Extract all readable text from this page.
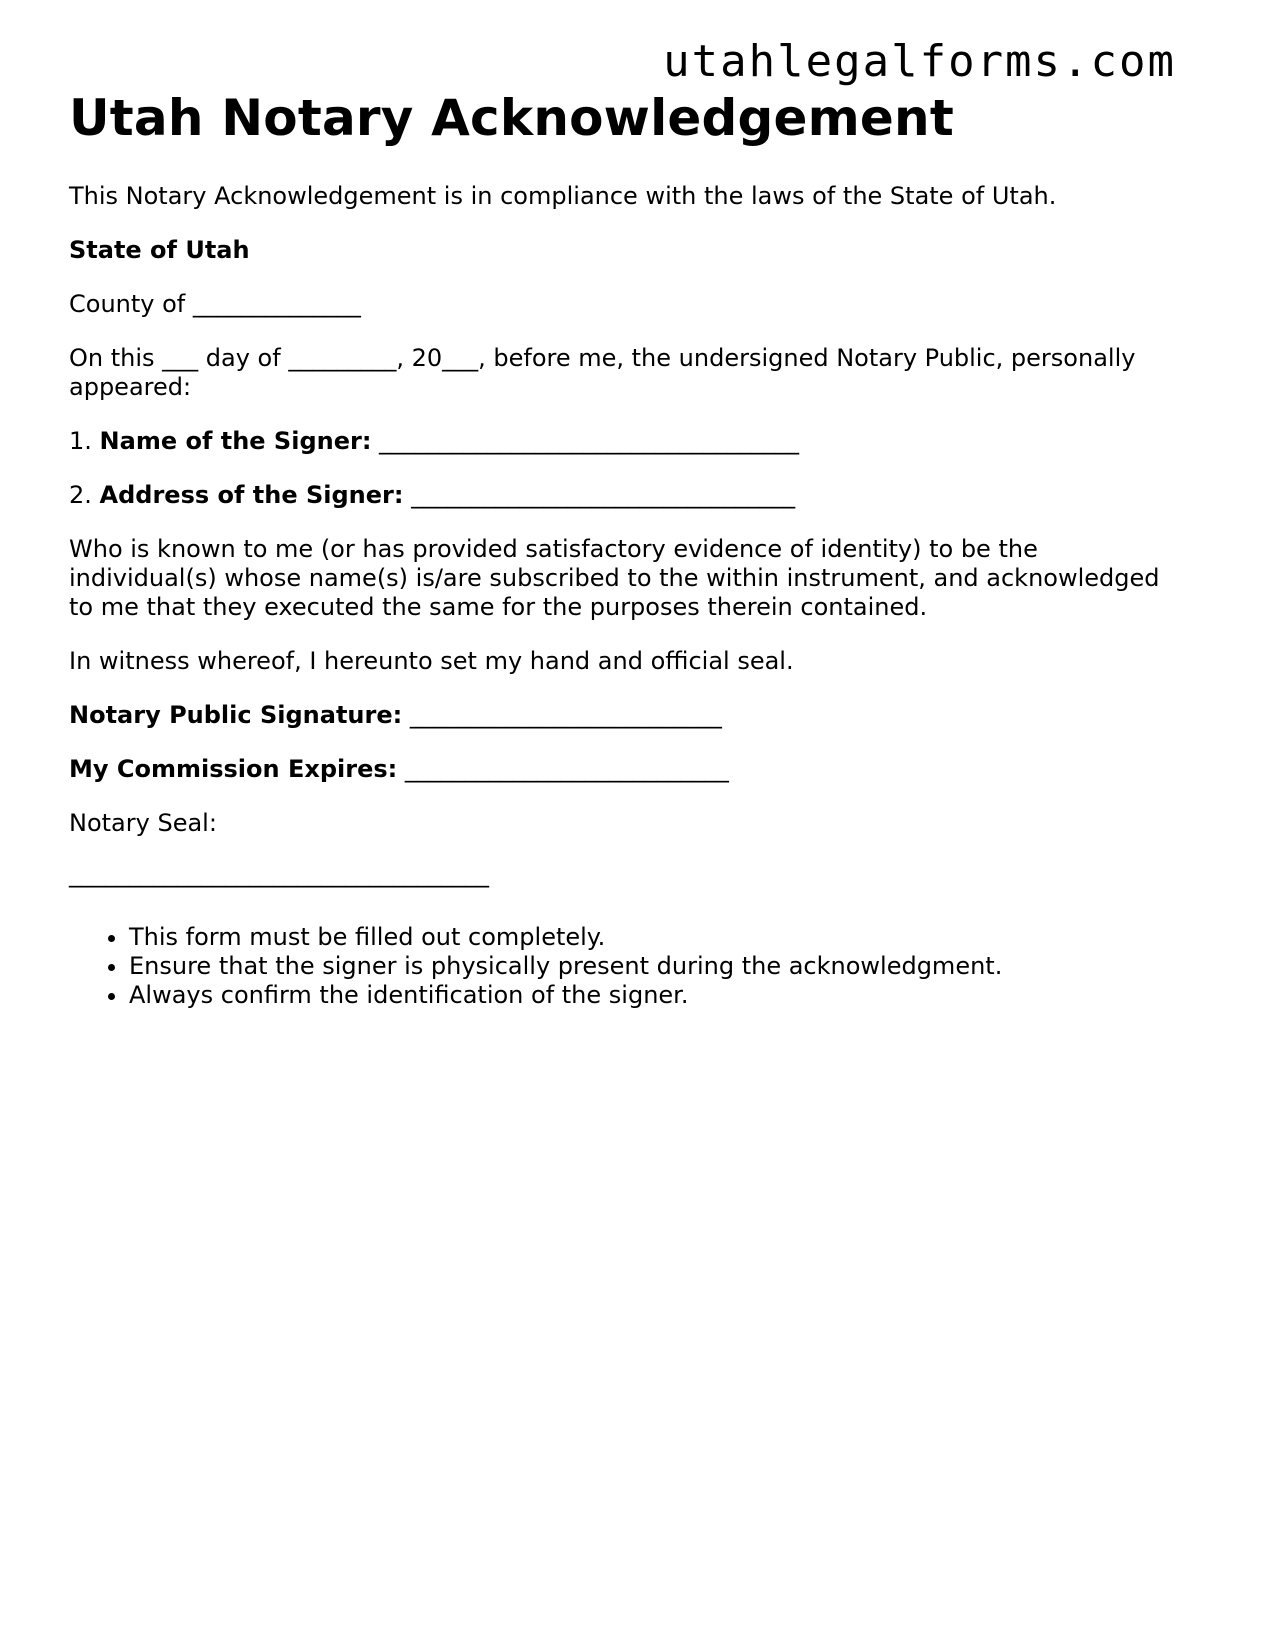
utahlegalforms.com
Utah Notary Acknowledgement

This Notary Acknowledgement is in compliance with the laws of the State of Utah.

State of Utah

County of ______________

On this ___ day of _________, 20___, before me, the undersigned Notary Public, personally appeared:

1. Name of the Signer: ___________________________________

2. Address of the Signer: ________________________________

Who is known to me (or has provided satisfactory evidence of identity) to be the individual(s) whose name(s) is/are subscribed to the within instrument, and acknowledged to me that they executed the same for the purposes therein contained.

In witness whereof, I hereunto set my hand and official seal.

Notary Public Signature: __________________________

My Commission Expires: ___________________________

Notary Seal:

___________________________________

• This form must be filled out completely.
• Ensure that the signer is physically present during the acknowledgment.
• Always confirm the identification of the signer.
